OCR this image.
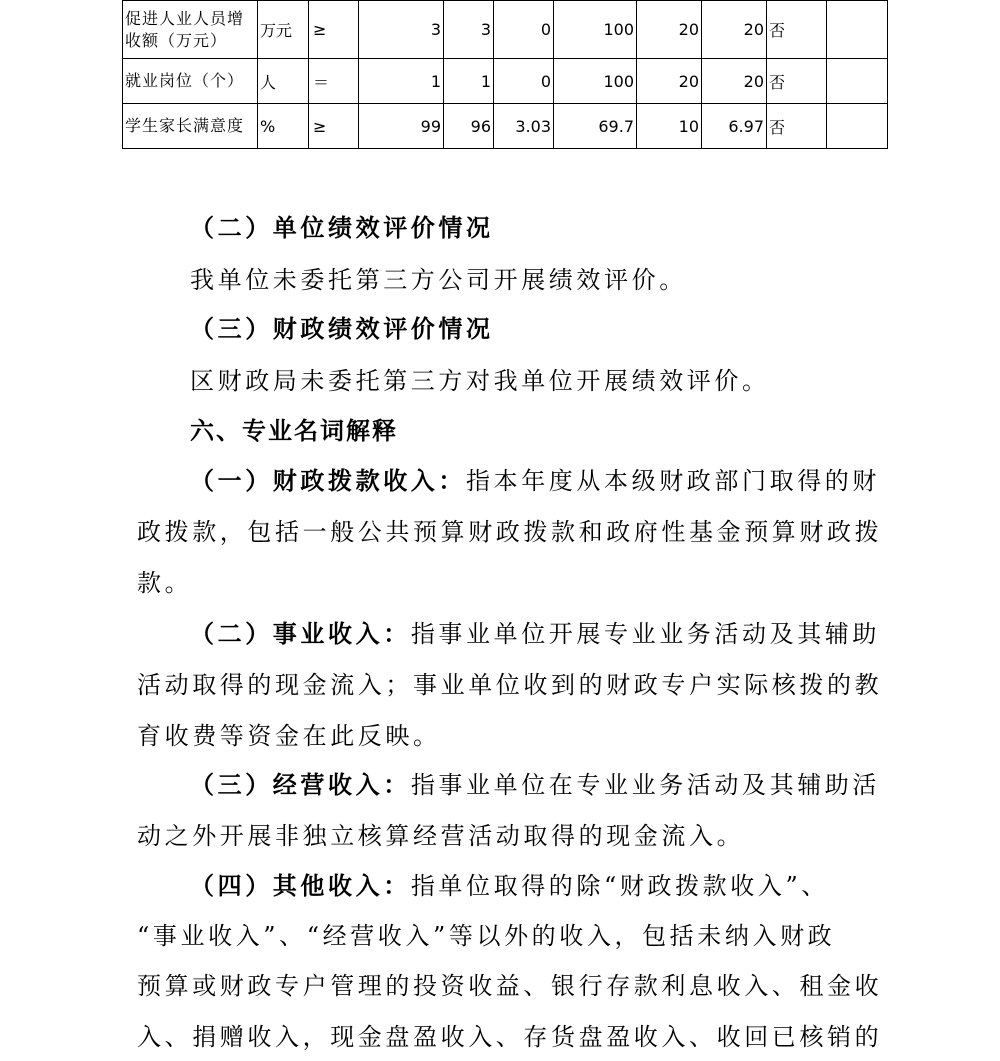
促进人业人员增收额（万元）	万元	≥	3	3	0	100	20	20	否	
就业岗位（个）	人	＝	1	1	0	100	20	20	否	
学生家长满意度	%	≥	99	96	3.03	69.7	10	6.97	否	
（二）单位绩效评价情况
我单位未委托第三方公司开展绩效评价。
（三）财政绩效评价情况
区财政局未委托第三方对我单位开展绩效评价。
六、专业名词解释
（一）财政拨款收入：指本年度从本级财政部门取得的财
政拨款，包括一般公共预算财政拨款和政府性基金预算财政拨
款。
（二）事业收入：指事业单位开展专业业务活动及其辅助
活动取得的现金流入；事业单位收到的财政专户实际核拨的教
育收费等资金在此反映。
（三）经营收入：指事业单位在专业业务活动及其辅助活
动之外开展非独立核算经营活动取得的现金流入。
（四）其他收入：指单位取得的除“财政拨款收入”、
“事业收入”、“经营收入”等以外的收入，包括未纳入财政
预算或财政专户管理的投资收益、银行存款利息收入、租金收
入、捐赠收入，现金盘盈收入、存货盘盈收入、收回已核销的
